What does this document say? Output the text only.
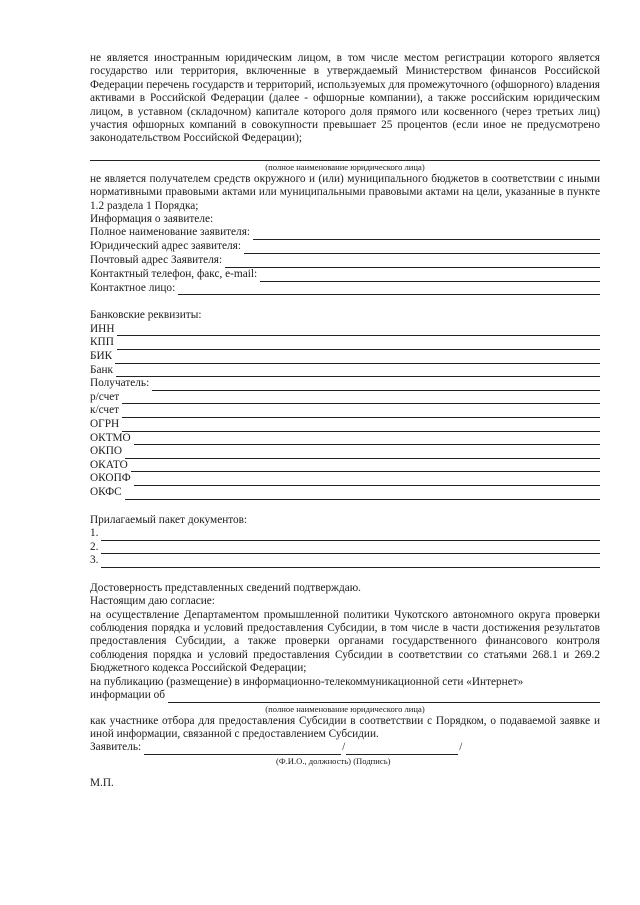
не является иностранным юридическим лицом, в том числе местом регистрации которого является государство или территория, включенные в утверждаемый Министерством финансов Российской Федерации перечень государств и территорий, используемых для промежуточного (офшорного) владения активами в Российской Федерации (далее - офшорные компании), а также российским юридическим лицом, в уставном (складочном) капитале которого доля прямого или косвенного (через третьих лиц) участия офшорных компаний в совокупности превышает 25 процентов (если иное не предусмотрено законодательством Российской Федерации);

(полное наименование юридического лица)

не является получателем средств окружного и (или) муниципального бюджетов в соответствии с иными нормативными правовыми актами или муниципальными правовыми актами на цели, указанные в пункте 1.2 раздела 1 Порядка;

Информация о заявителе:

Полное наименование заявителя:
Юридический адрес заявителя:
Почтовый адрес Заявителя:
Контактный телефон, факс, e-mail:
Контактное лицо:

Банковские реквизиты:

ИНН
КПП
БИК
Банк
Получатель:
р/счет
к/счет
ОГРН
ОКТМО
ОКПО
ОКАТО
ОКОПФ
ОКФС

Прилагаемый пакет документов:

1.
2.
3.

Достоверность представленных сведений подтверждаю.

Настоящим даю согласие:

на осуществление Департаментом промышленной политики Чукотского автономного округа проверки соблюдения порядка и условий предоставления Субсидии, в том числе в части достижения результатов предоставления Субсидии, а также проверки органами государственного финансового контроля соблюдения порядка и условий предоставления Субсидии в соответствии со статьями 268.1 и 269.2 Бюджетного кодекса Российской Федерации;

на публикацию (размещение) в информационно-телекоммуникационной сети «Интернет»

информации об

(полное наименование юридического лица)

как участнике отбора для предоставления Субсидии в соответствии с Порядком, о подаваемой заявке и иной информации, связанной с предоставлением Субсидии.

Заявитель:	/	/

(Ф.И.О., должность) (Подпись)

М.П.
